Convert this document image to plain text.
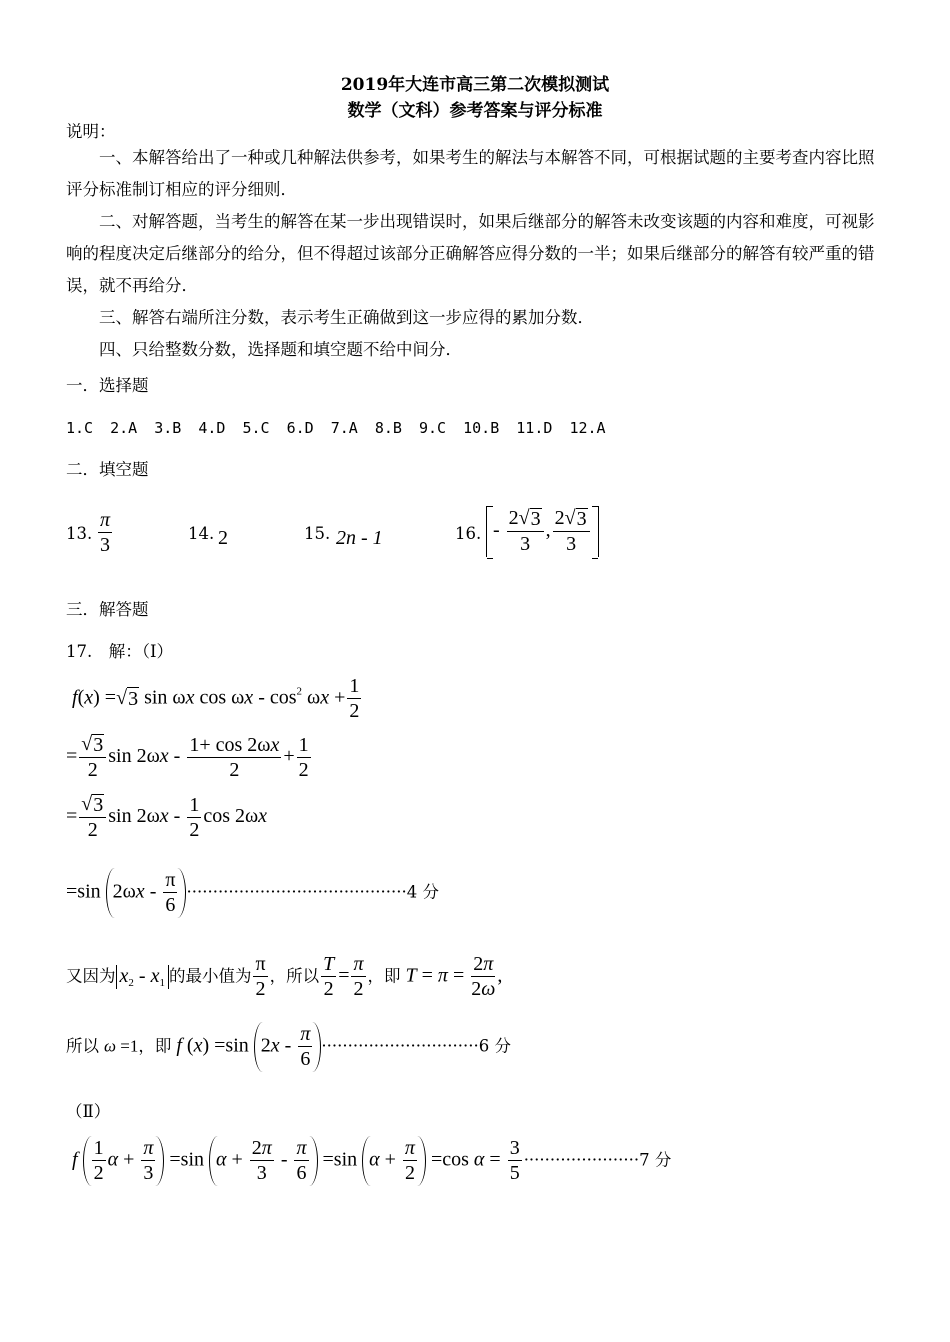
2019年大连市高三第二次模拟测试
数学（文科）参考答案与评分标准
说明：
一、本解答给出了一种或几种解法供参考，如果考生的解法与本解答不同，可根据试题的主要考查内容比照评分标准制订相应的评分细则．
二、对解答题，当考生的解答在某一步出现错误时，如果后继部分的解答未改变该题的内容和难度，可视影响的程度决定后继部分的给分，但不得超过该部分正确解答应得分数的一半；如果后继部分的解答有较严重的错误，就不再给分．
三、解答右端所注分数，表示考生正确做到这一步应得的累加分数．
四、只给整数分数，选择题和填空题不给中间分．
一．选择题
1.C 2.A 3.B 4.D 5.C 6.D 7.A 8.B 9.C 10.B 11.D 12.A
二．填空题
13. $\frac{\pi}{3}$	14. 2	15. 2n - 1	16. - $\frac{2 √ 3}{3}$ , $\frac{2 √ 3}{3}$
三．解答题
17.　解：（Ⅰ）
f(x) = √ 3 sin ωx $\cos \omega x - \cos^2 \omega x + \frac{1}{2}$
= $\frac{√ 3}{2}$ $\sin 2\omega x - \frac{1+ \cos 2\omega x}{2} + \frac{1}{2}$
= $\frac{√ 3}{2}$ $\sin 2\omega x - \frac{1}{2}$ cos 2ωx
=sin $2\omega x - \frac{\pi}{6} \cdot\cdot\cdot\cdot\cdot\cdot\cdot\cdot\cdot\cdot\cdot\cdot\cdot\cdot\cdot\cdot\cdot\cdot\cdot\cdot\cdot\cdot\cdot\cdot\cdot\cdot\cdot\cdot\cdot\cdot\cdot\cdot\cdot\cdot\cdot\cdot\cdot\cdot\cdot\cdot\cdot\cdot 4$ 分
又因为 $x_2 - x_1$ 的最小值为 $\frac{\pi}{2}$ ，所以 $\frac{T}{2} = \frac{\pi}{2}$ ，即 $T = \pi = \frac{2\pi}{2\omega}$ ,
所以 ω =1，即 f (x) =sin $2x - \frac{\pi}{6} \cdot\cdot\cdot\cdot\cdot\cdot\cdot\cdot\cdot\cdot\cdot\cdot\cdot\cdot\cdot\cdot\cdot\cdot\cdot\cdot\cdot\cdot\cdot\cdot\cdot\cdot\cdot\cdot\cdot\cdot 6$ 分
（Ⅱ）
f $\frac{1}{2}$ $\alpha + \frac{\pi}{3} =\sin$ $\alpha + \frac{2\pi}{3} - \frac{\pi}{6} =\sin$ $\alpha + \frac{\pi}{2} =\cos$ $\alpha = \frac{3}{5} \cdot\cdot\cdot\cdot\cdot\cdot\cdot\cdot\cdot\cdot\cdot\cdot\cdot\cdot\cdot\cdot\cdot\cdot\cdot\cdot\cdot\cdot 7$ 分
